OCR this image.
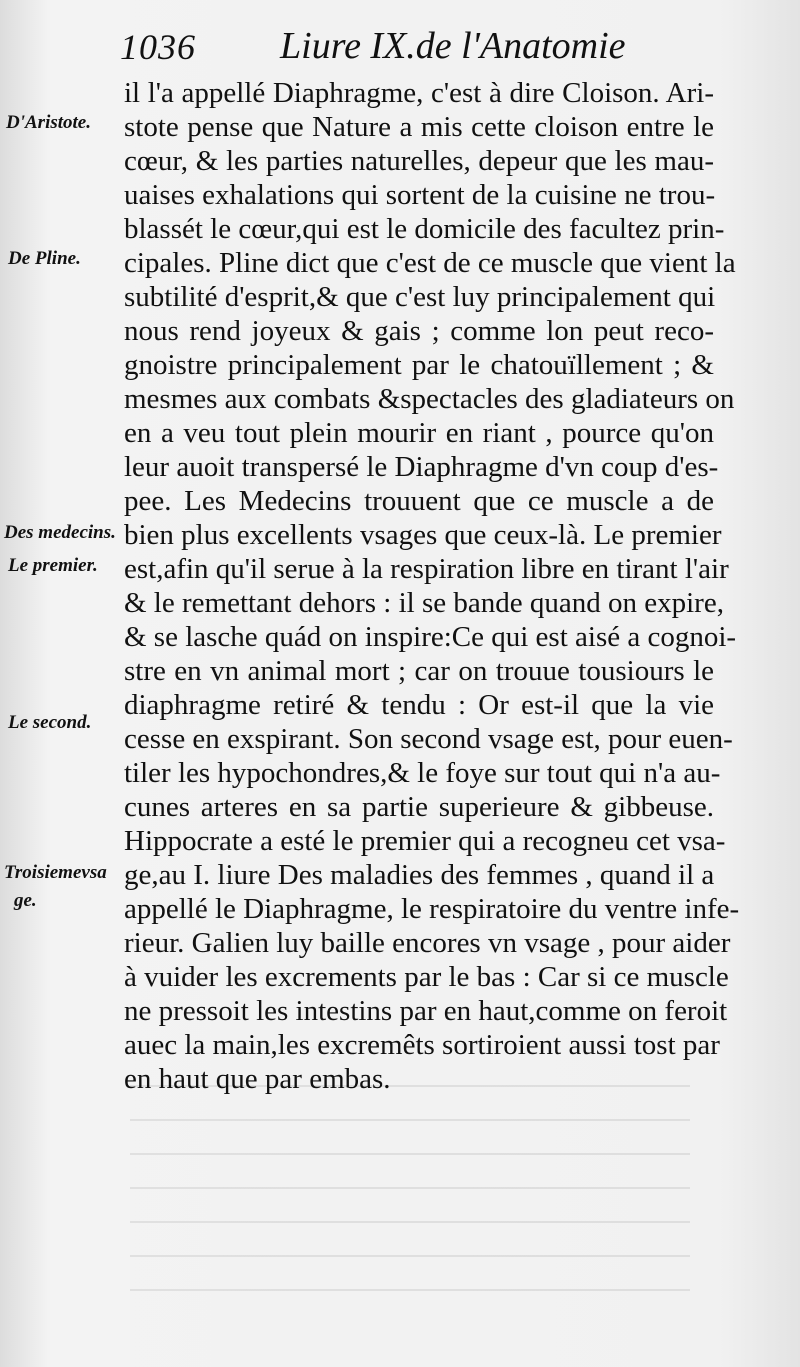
1036 Liure IX.de l'Anatomie
D'Aristote.
De Pline.
Des medecins.
Le premier.
Le second.
Troisiemevsa
ge.
il l'a appellé Diaphragme, c'est à dire Cloison. Ari-
stote pense que Nature a mis cette cloison entre le
cœur, & les parties naturelles, depeur que les mau-
uaises exhalations qui sortent de la cuisine ne trou-
blassét le cœur,qui est le domicile des facultez prin-
cipales. Pline dict que c'est de ce muscle que vient la
subtilité d'esprit,& que c'est luy principalement qui
nous rend joyeux & gais ; comme lon peut reco-
gnoistre principalement par le chatouïllement ; &
mesmes aux combats &spectacles des gladiateurs on
en a veu tout plein mourir en riant , pource qu'on
leur auoit transpersé le Diaphragme d'vn coup d'es-
pee. Les Medecins trouuent que ce muscle a de
bien plus excellents vsages que ceux-là. Le premier
est,afin qu'il serue à la respiration libre en tirant l'air
& le remettant dehors : il se bande quand on expire,
& se lasche quád on inspire:Ce qui est aisé a cognoi-
stre en vn animal mort ; car on trouue tousiours le
diaphragme retiré & tendu : Or est-il que la vie
cesse en exspirant. Son second vsage est, pour euen-
tiler les hypochondres,& le foye sur tout qui n'a au-
cunes arteres en sa partie superieure & gibbeuse.
Hippocrate a esté le premier qui a recogneu cet vsa-
ge,au I. liure Des maladies des femmes , quand il a
appellé le Diaphragme, le respiratoire du ventre infe-
rieur. Galien luy baille encores vn vsage , pour aider
à vuider les excrements par le bas : Car si ce muscle
ne pressoit les intestins par en haut,comme on feroit
auec la main,les excremêts sortiroient aussi tost par
en haut que par embas.
